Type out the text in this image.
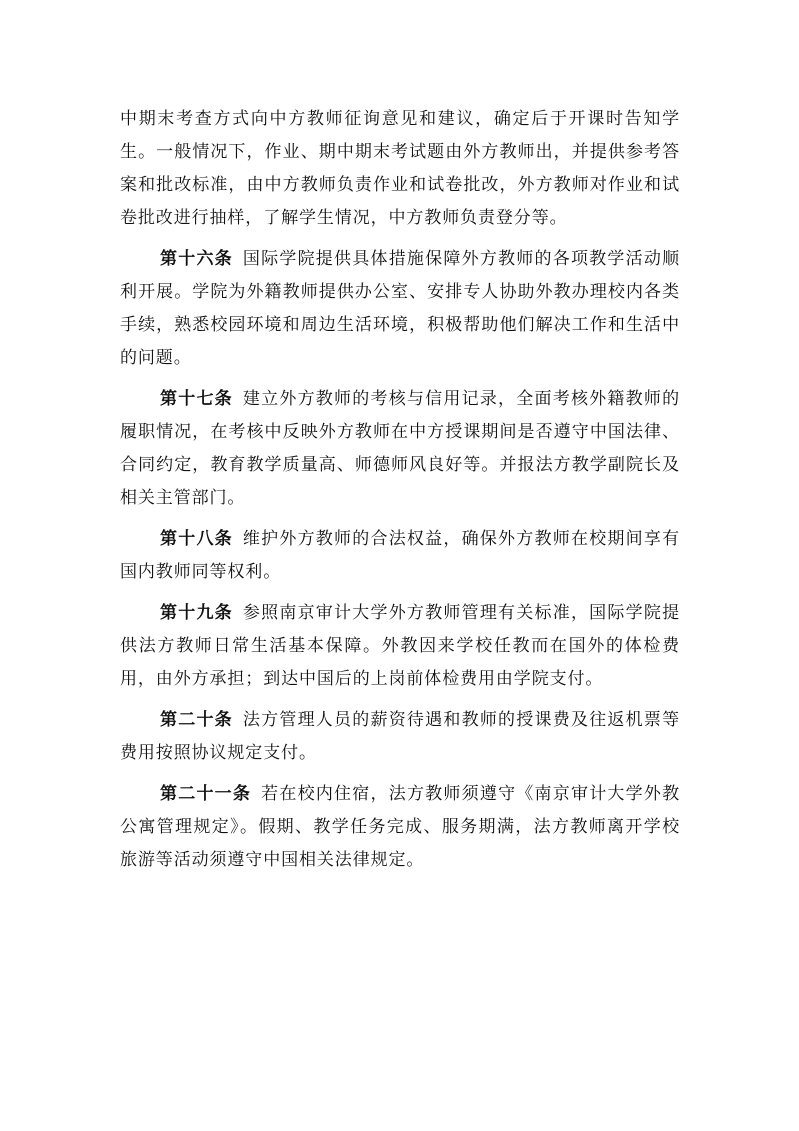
中期末考查方式向中方教师征询意见和建议，确定后于开课时告知学生。一般情况下，作业、期中期末考试题由外方教师出，并提供参考答案和批改标准，由中方教师负责作业和试卷批改，外方教师对作业和试卷批改进行抽样，了解学生情况，中方教师负责登分等。

第十六条 国际学院提供具体措施保障外方教师的各项教学活动顺利开展。学院为外籍教师提供办公室、安排专人协助外教办理校内各类手续，熟悉校园环境和周边生活环境，积极帮助他们解决工作和生活中的问题。

第十七条 建立外方教师的考核与信用记录，全面考核外籍教师的履职情况，在考核中反映外方教师在中方授课期间是否遵守中国法律、合同约定，教育教学质量高、师德师风良好等。并报法方教学副院长及相关主管部门。

第十八条 维护外方教师的合法权益，确保外方教师在校期间享有国内教师同等权利。

第十九条 参照南京审计大学外方教师管理有关标准，国际学院提供法方教师日常生活基本保障。外教因来学校任教而在国外的体检费用，由外方承担；到达中国后的上岗前体检费用由学院支付。

第二十条 法方管理人员的薪资待遇和教师的授课费及往返机票等费用按照协议规定支付。

第二十一条 若在校内住宿，法方教师须遵守《南京审计大学外教公寓管理规定》。假期、教学任务完成、服务期满，法方教师离开学校旅游等活动须遵守中国相关法律规定。
